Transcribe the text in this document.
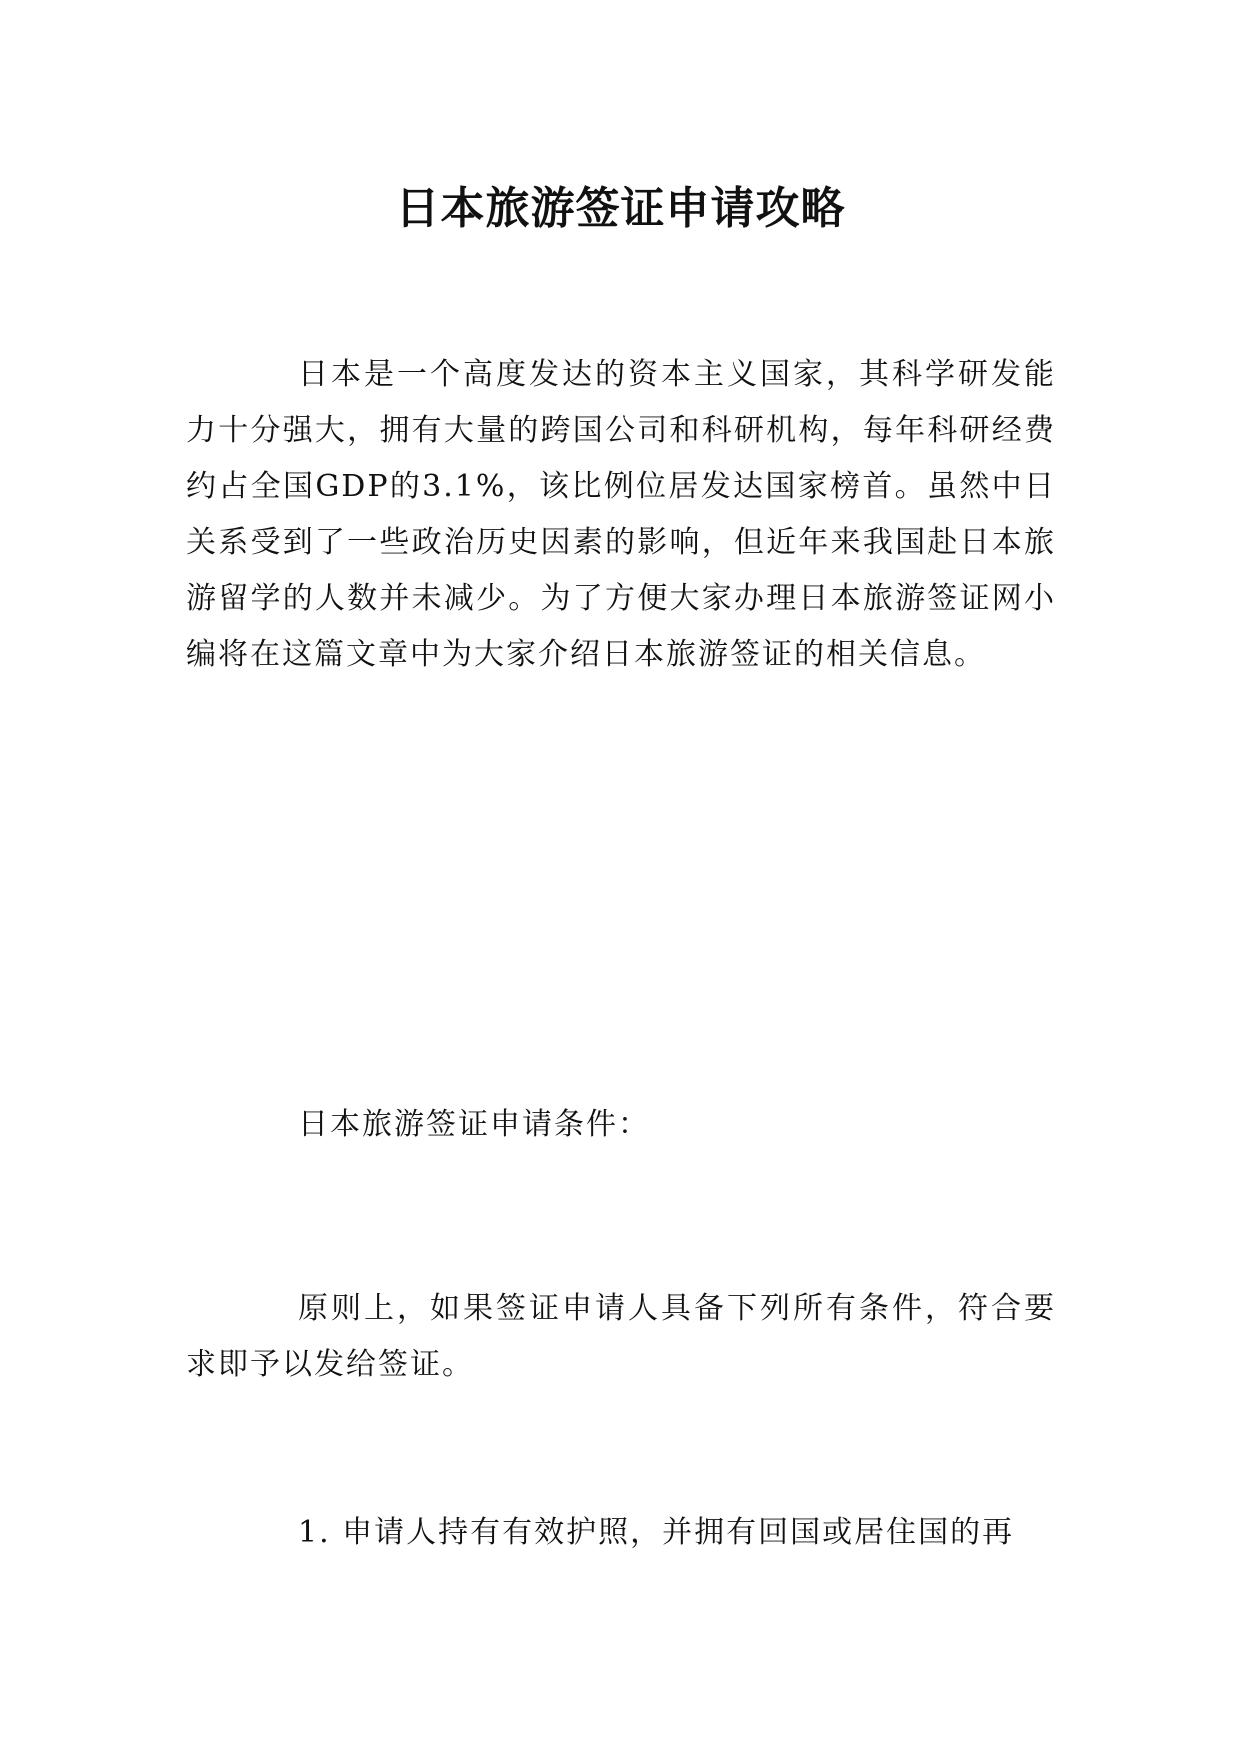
日本旅游签证申请攻略

日本是一个高度发达的资本主义国家，其科学研发能力十分强大，拥有大量的跨国公司和科研机构，每年科研经费约占全国GDP的3.1%，该比例位居发达国家榜首。虽然中日关系受到了一些政治历史因素的影响，但近年来我国赴日本旅游留学的人数并未减少。为了方便大家办理日本旅游签证网小编将在这篇文章中为大家介绍日本旅游签证的相关信息。

日本旅游签证申请条件：

原则上，如果签证申请人具备下列所有条件，符合要求即予以发给签证。

1. 申请人持有有效护照，并拥有回国或居住国的再
